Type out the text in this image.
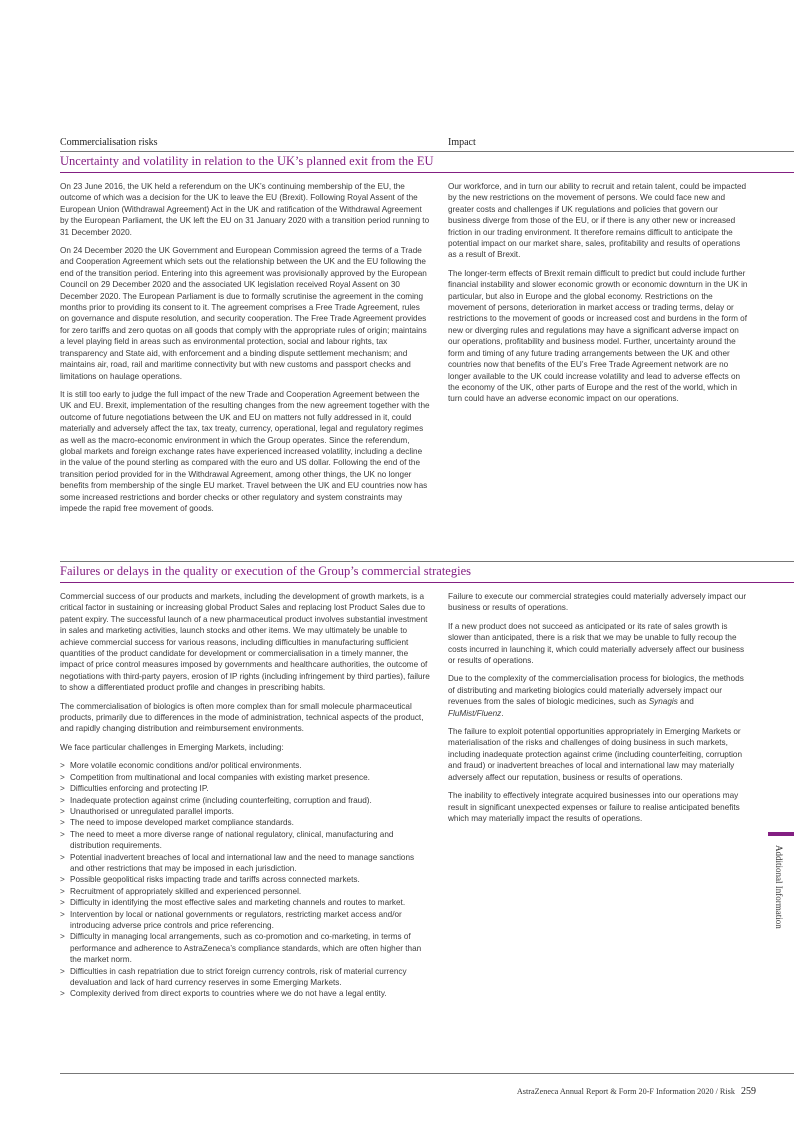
Commercialisation risks	Impact
Uncertainty and volatility in relation to the UK’s planned exit from the EU

On 23 June 2016, the UK held a referendum on the UK’s continuing membership of the EU, the outcome of which was a decision for the UK to leave the EU (Brexit). Following Royal Assent of the European Union (Withdrawal Agreement) Act in the UK and ratification of the Withdrawal Agreement by the European Parliament, the UK left the EU on 31 January 2020 with a transition period running to 31 December 2020.

On 24 December 2020 the UK Government and European Commission agreed the terms of a Trade and Cooperation Agreement which sets out the relationship between the UK and the EU following the end of the transition period. Entering into this agreement was provisionally approved by the European Council on 29 December 2020 and the associated UK legislation received Royal Assent on 30 December 2020. The European Parliament is due to formally scrutinise the agreement in the coming months prior to providing its consent to it. The agreement comprises a Free Trade Agreement, rules on governance and dispute resolution, and security cooperation. The Free Trade Agreement provides for zero tariffs and zero quotas on all goods that comply with the appropriate rules of origin; maintains a level playing field in areas such as environmental protection, social and labour rights, tax transparency and State aid, with enforcement and a binding dispute settlement mechanism; and maintains air, road, rail and maritime connectivity but with new customs and passport checks and limitations on haulage operations.

It is still too early to judge the full impact of the new Trade and Cooperation Agreement between the UK and EU. Brexit, implementation of the resulting changes from the new agreement together with the outcome of future negotiations between the UK and EU on matters not fully addressed in it, could materially and adversely affect the tax, tax treaty, currency, operational, legal and regulatory regimes as well as the macro-economic environment in which the Group operates. Since the referendum, global markets and foreign exchange rates have experienced increased volatility, including a decline in the value of the pound sterling as compared with the euro and US dollar. Following the end of the transition period provided for in the Withdrawal Agreement, among other things, the UK no longer benefits from membership of the single EU market. Travel between the UK and EU countries now has some increased restrictions and border checks or other regulatory and system constraints may impede the rapid free movement of goods.

Our workforce, and in turn our ability to recruit and retain talent, could be impacted by the new restrictions on the movement of persons. We could face new and greater costs and challenges if UK regulations and policies that govern our business diverge from those of the EU, or if there is any other new or increased friction in our trading environment. It therefore remains difficult to anticipate the potential impact on our market share, sales, profitability and results of operations as a result of Brexit.

The longer-term effects of Brexit remain difficult to predict but could include further financial instability and slower economic growth or economic downturn in the UK in particular, but also in Europe and the global economy. Restrictions on the movement of persons, deterioration in market access or trading terms, delay or restrictions to the movement of goods or increased cost and burdens in the form of new or diverging rules and regulations may have a significant adverse impact on our operations, profitability and business model. Further, uncertainty around the form and timing of any future trading arrangements between the UK and other countries now that benefits of the EU’s Free Trade Agreement network are no longer available to the UK could increase volatility and lead to adverse effects on the economy of the UK, other parts of Europe and the rest of the world, which in turn could have an adverse economic impact on our operations.

Failures or delays in the quality or execution of the Group’s commercial strategies

Commercial success of our products and markets, including the development of growth markets, is a critical factor in sustaining or increasing global Product Sales and replacing lost Product Sales due to patent expiry. The successful launch of a new pharmaceutical product involves substantial investment in sales and marketing activities, launch stocks and other items. We may ultimately be unable to achieve commercial success for various reasons, including difficulties in manufacturing sufficient quantities of the product candidate for development or commercialisation in a timely manner, the impact of price control measures imposed by governments and healthcare authorities, the outcome of negotiations with third-party payers, erosion of IP rights (including infringement by third parties), failure to show a differentiated product profile and changes in prescribing habits.

The commercialisation of biologics is often more complex than for small molecule pharmaceutical products, primarily due to differences in the mode of administration, technical aspects of the product, and rapidly changing distribution and reimbursement environments.

We face particular challenges in Emerging Markets, including:

> More volatile economic conditions and/or political environments.
> Competition from multinational and local companies with existing market presence.
> Difficulties enforcing and protecting IP.
> Inadequate protection against crime (including counterfeiting, corruption and fraud).
> Unauthorised or unregulated parallel imports.
> The need to impose developed market compliance standards.
> The need to meet a more diverse range of national regulatory, clinical, manufacturing and distribution requirements.
> Potential inadvertent breaches of local and international law and the need to manage sanctions and other restrictions that may be imposed in each jurisdiction.
> Possible geopolitical risks impacting trade and tariffs across connected markets.
> Recruitment of appropriately skilled and experienced personnel.
> Difficulty in identifying the most effective sales and marketing channels and routes to market.
> Intervention by local or national governments or regulators, restricting market access and/or introducing adverse price controls and price referencing.
> Difficulty in managing local arrangements, such as co-promotion and co-marketing, in terms of performance and adherence to AstraZeneca’s compliance standards, which are often higher than the market norm.
> Difficulties in cash repatriation due to strict foreign currency controls, risk of material currency devaluation and lack of hard currency reserves in some Emerging Markets.
> Complexity derived from direct exports to countries where we do not have a legal entity.

Failure to execute our commercial strategies could materially adversely impact our business or results of operations.

If a new product does not succeed as anticipated or its rate of sales growth is slower than anticipated, there is a risk that we may be unable to fully recoup the costs incurred in launching it, which could materially adversely affect our business or results of operations.

Due to the complexity of the commercialisation process for biologics, the methods of distributing and marketing biologics could materially adversely impact our revenues from the sales of biologic medicines, such as Synagis and FluMist/Fluenz.

The failure to exploit potential opportunities appropriately in Emerging Markets or materialisation of the risks and challenges of doing business in such markets, including inadequate protection against crime (including counterfeiting, corruption and fraud) or inadvertent breaches of local and international law may materially adversely affect our reputation, business or results of operations.

The inability to effectively integrate acquired businesses into our operations may result in significant unexpected expenses or failure to realise anticipated benefits which may materially impact the results of operations.

Additional Information
AstraZeneca Annual Report & Form 20-F Information 2020 / Risk 259
